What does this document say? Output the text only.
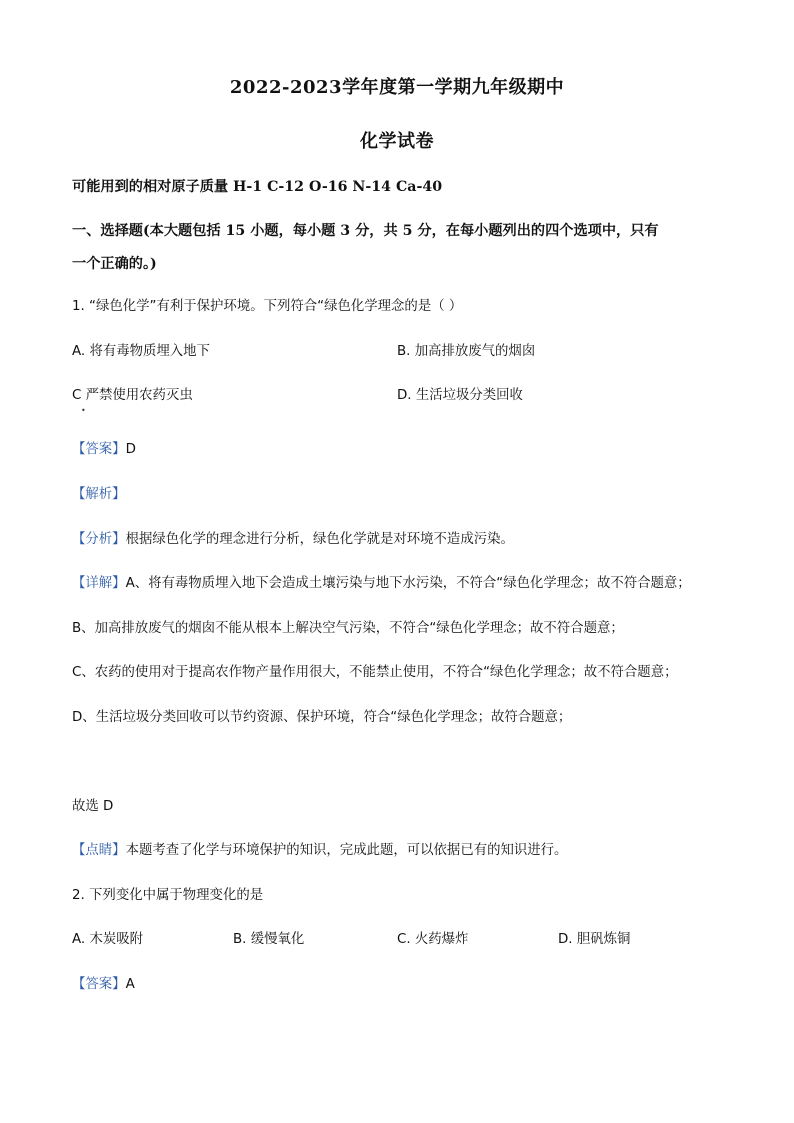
2022-2023学年度第一学期九年级期中
化学试卷
可能用到的相对原子质量 H-1 C-12 O-16 N-14 Ca-40
一、选择题(本大题包括 15 小题，每小题 3 分，共 5 分，在每小题列出的四个选项中，只有
一个正确的。)
1. “绿色化学”有利于保护环境。下列符合“绿色化学理念的是（ ）
A. 将有毒物质埋入地下	B. 加高排放废气的烟囱
C 严禁使用农药灭虫
•
D. 生活垃圾分类回收
【答案】D
【解析】
【分析】根据绿色化学的理念进行分析，绿色化学就是对环境不造成污染。
【详解】A、将有毒物质埋入地下会造成土壤污染与地下水污染，不符合“绿色化学理念；故不符合题意；
B、加高排放废气的烟囱不能从根本上解决空气污染，不符合“绿色化学理念；故不符合题意；
C、农药的使用对于提高农作物产量作用很大，不能禁止使用，不符合“绿色化学理念；故不符合题意；
D、生活垃圾分类回收可以节约资源、保护环境，符合“绿色化学理念；故符合题意；
故选 D
【点睛】本题考查了化学与环境保护的知识，完成此题，可以依据已有的知识进行。
2. 下列变化中属于物理变化的是
A. 木炭吸附	B. 缓慢氧化	C. 火药爆炸	D. 胆矾炼铜
【答案】A
